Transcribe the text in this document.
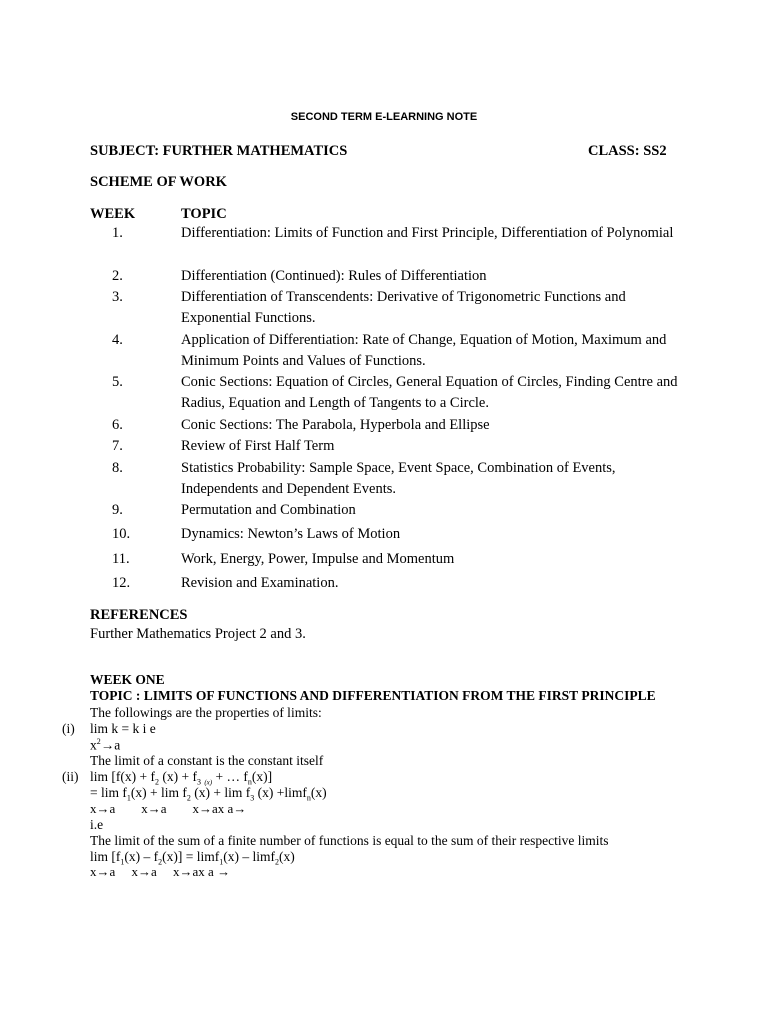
SECOND TERM E-LEARNING NOTE
SUBJECT: FURTHER MATHEMATICS	CLASS: SS2
SCHEME OF WORK
WEEK	TOPIC
1.	Differentiation: Limits of Function and First Principle, Differentiation of Polynomial
2.	Differentiation (Continued): Rules of Differentiation
3.	Differentiation of Transcendents: Derivative of Trigonometric Functions and Exponential Functions.
4.	Application of Differentiation: Rate of Change, Equation of Motion, Maximum and Minimum Points and Values of Functions.
5.	Conic Sections: Equation of Circles, General Equation of Circles, Finding Centre and Radius, Equation and Length of Tangents to a Circle.
6.	Conic Sections: The Parabola, Hyperbola and Ellipse
7.	Review of First Half Term
8.	Statistics Probability: Sample Space, Event Space, Combination of Events, Independents and Dependent Events.
9.	Permutation and Combination
10.	Dynamics: Newton’s Laws of Motion
11.	Work, Energy, Power, Impulse and Momentum
12.	Revision and Examination.
REFERENCES
Further Mathematics Project 2 and 3.
WEEK ONE
TOPIC : LIMITS OF FUNCTIONS AND DIFFERENTIATION FROM THE FIRST PRINCIPLE
The followings are the properties of limits:
(i) lim k = k i e
$x^2\to a$
The limit of a constant is the constant itself
(ii) $\lim [f(x) + f_2$ $(x) + f_3$ $_{(x)}$ + … $f_n(x)$]
= $\lim f_1(x) + \lim f_2$ $(x) + \lim f_3$ (x) +limf$_n$(x)
x→a        x→a        x→ax a→
i.e
The limit of the sum of a finite number of functions is equal to the sum of their respective limits
$\lim [f_1(x) - f_2(x)] = \lim f_1(x) - \lim f_2(x)$
x→a     x→a     x→ax a →
